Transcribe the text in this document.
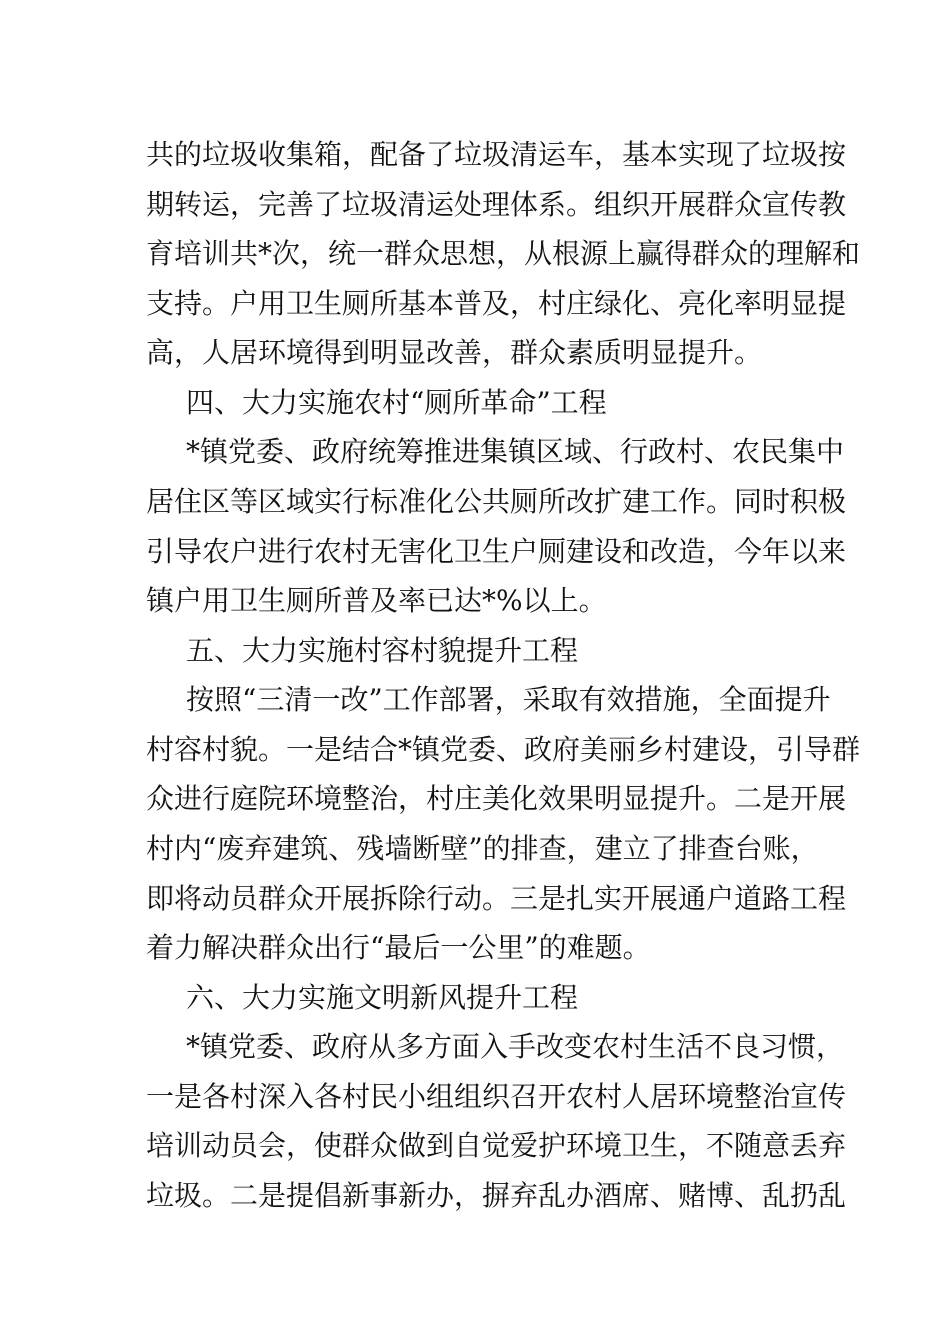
共的垃圾收集箱，配备了垃圾清运车，基本实现了垃圾按
期转运，完善了垃圾清运处理体系。组织开展群众宣传教
育培训共*次，统一群众思想，从根源上赢得群众的理解和
支持。户用卫生厕所基本普及，村庄绿化、亮化率明显提
高，人居环境得到明显改善，群众素质明显提升。
四、大力实施农村“厕所革命”工程
*镇党委、政府统筹推进集镇区域、行政村、农民集中
居住区等区域实行标准化公共厕所改扩建工作。同时积极
引导农户进行农村无害化卫生户厕建设和改造，今年以来
镇户用卫生厕所普及率已达*%以上。
五、大力实施村容村貌提升工程
按照“三清一改”工作部署，采取有效措施，全面提升
村容村貌。一是结合*镇党委、政府美丽乡村建设，引导群
众进行庭院环境整治，村庄美化效果明显提升。二是开展
村内“废弃建筑、残墙断壁”的排查，建立了排查台账，
即将动员群众开展拆除行动。三是扎实开展通户道路工程
着力解决群众出行“最后一公里”的难题。
六、大力实施文明新风提升工程
*镇党委、政府从多方面入手改变农村生活不良习惯，
一是各村深入各村民小组组织召开农村人居环境整治宣传
培训动员会，使群众做到自觉爱护环境卫生，不随意丢弃
垃圾。二是提倡新事新办，摒弃乱办酒席、赌博、乱扔乱
